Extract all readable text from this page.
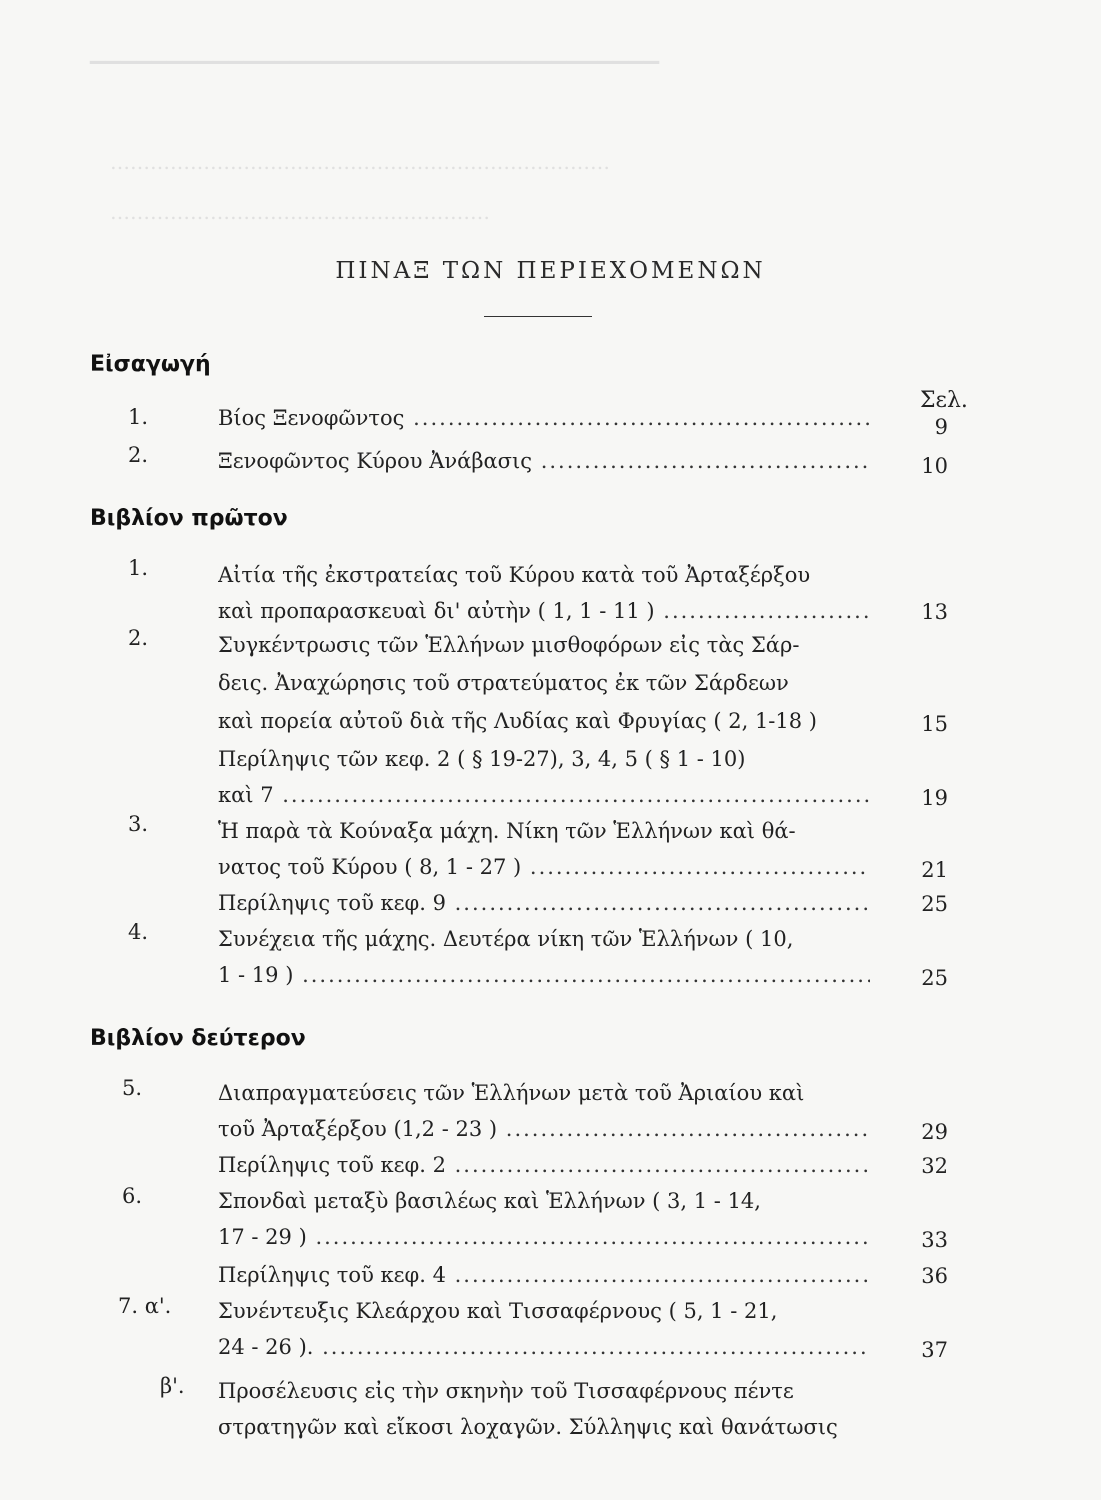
▁▁▁▁▁▁▁▁▁▁▁▁▁▁▁▁▁▁▁▁▁▁▁▁▁▁▁▁▁▁▁▁▁▁▁▁▁
…………………………………………………………………
…………………………………………………
ΠΙΝΑΞ ΤΩΝ ΠΕΡΙΕΧΟΜΕΝΩΝ
Εἰσαγωγή
Σελ.
1.	Βίος Ξενοφῶντος .....	9
2.	Ξενοφῶντος Κύρου Ἀνάβασις .....	10
Βιβλίον πρῶτον
1.	Αἰτία τῆς ἐκστρατείας τοῦ Κύρου κατὰ τοῦ Ἀρταξέρξου
καὶ προπαρασκευαὶ δι' αὐτὴν ( 1, 1 - 11 ) .....	13
2.	Συγκέντρωσις τῶν Ἑλλήνων μισθοφόρων εἰς τὰς Σάρ-
δεις. Ἀναχώρησις τοῦ στρατεύματος ἐκ τῶν Σάρδεων
καὶ πορεία αὐτοῦ διὰ τῆς Λυδίας καὶ Φρυγίας ( 2, 1-18 )	15
Περίληψις τῶν κεφ. 2 ( § 19-27), 3, 4, 5 ( § 1 - 10)
καὶ 7 .....	19
3.	Ἡ παρὰ τὰ Κούναξα μάχη. Νίκη τῶν Ἑλλήνων καὶ θά-
νατος τοῦ Κύρου ( 8, 1 - 27 ) .....	21
Περίληψις τοῦ κεφ. 9 .....	25
4.	Συνέχεια τῆς μάχης. Δευτέρα νίκη τῶν Ἑλλήνων ( 10,
1 - 19 ) .....	25
Βιβλίον δεύτερον
5.	Διαπραγματεύσεις τῶν Ἑλλήνων μετὰ τοῦ Ἀριαίου καὶ
τοῦ Ἀρταξέρξου (1,2 - 23 ) .....	29
Περίληψις τοῦ κεφ. 2 .....	32
6.	Σπονδαὶ μεταξὺ βασιλέως καὶ Ἑλλήνων ( 3, 1 - 14,
17 - 29 ) .....	33
Περίληψις τοῦ κεφ. 4 .....	36
7. α'. Συνέντευξις Κλεάρχου καὶ Τισσαφέρνους ( 5, 1 - 21,
24 - 26 ). .....	37
β'. Προσέλευσις εἰς τὴν σκηνὴν τοῦ Τισσαφέρνους πέντε
στρατηγῶν καὶ εἴκοσι λοχαγῶν. Σύλληψις καὶ θανάτωσις
